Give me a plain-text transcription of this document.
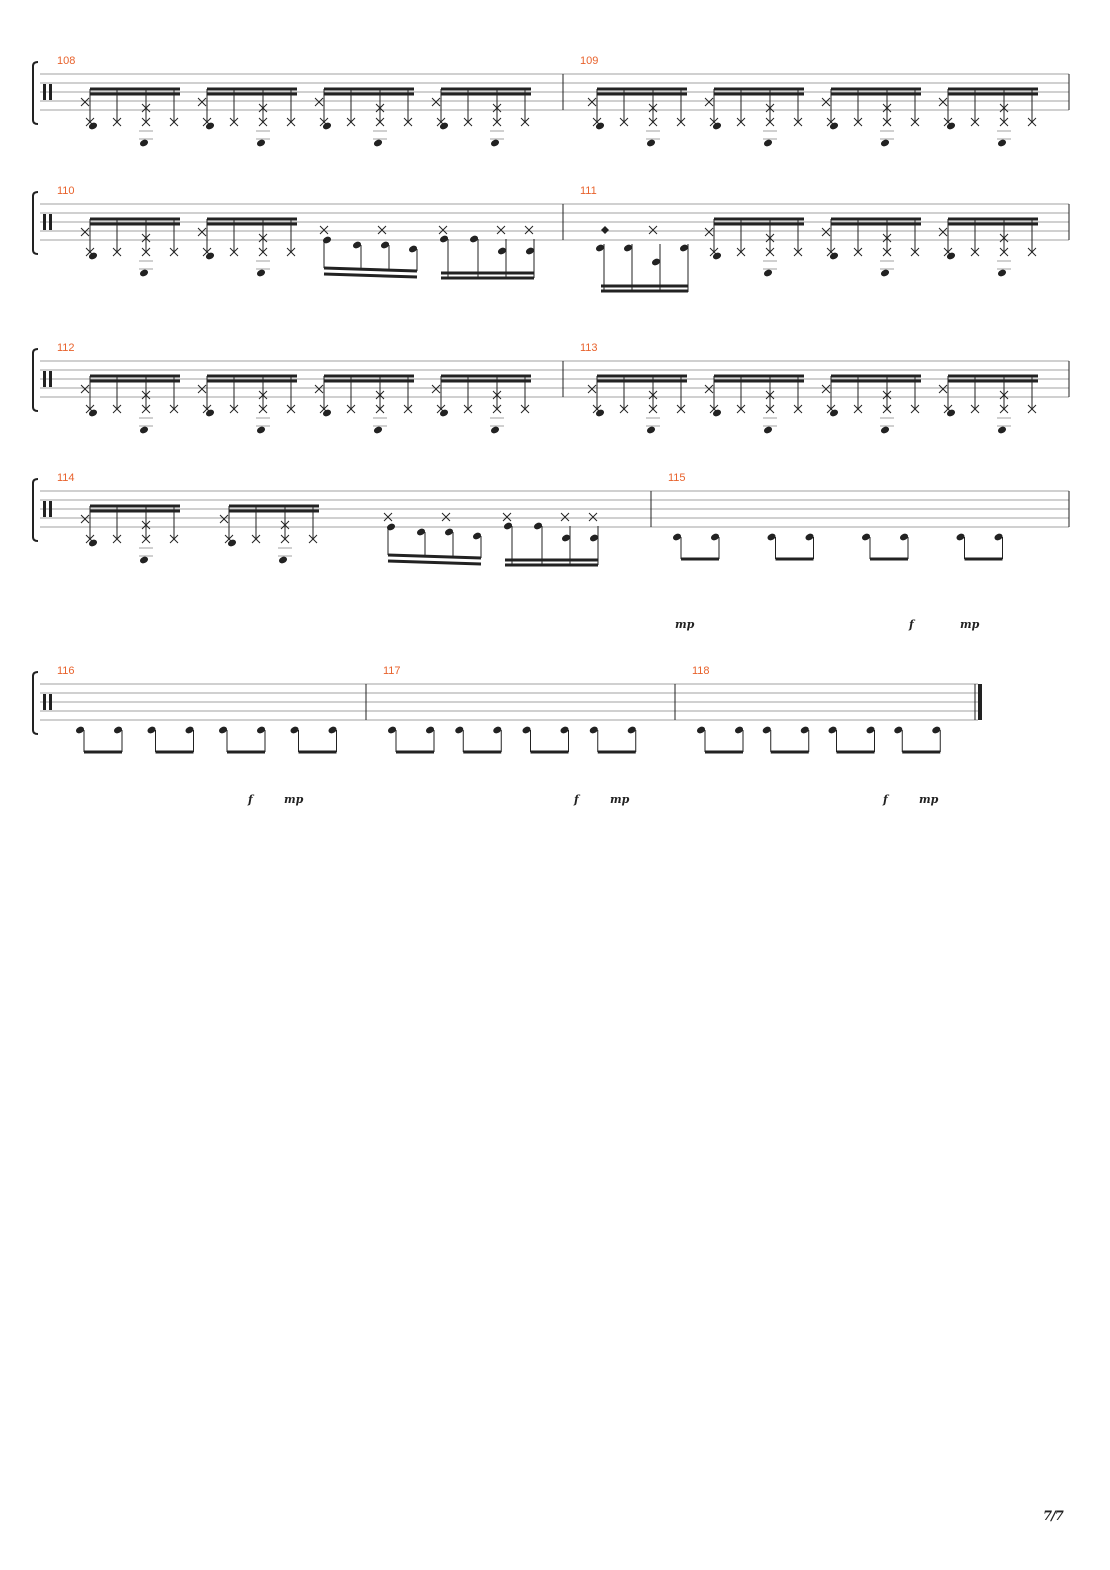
108	109
110	111
112	113
114	115
mp	f	mp
116
f	mp
117
f	mp
118
f	mp
7/7
